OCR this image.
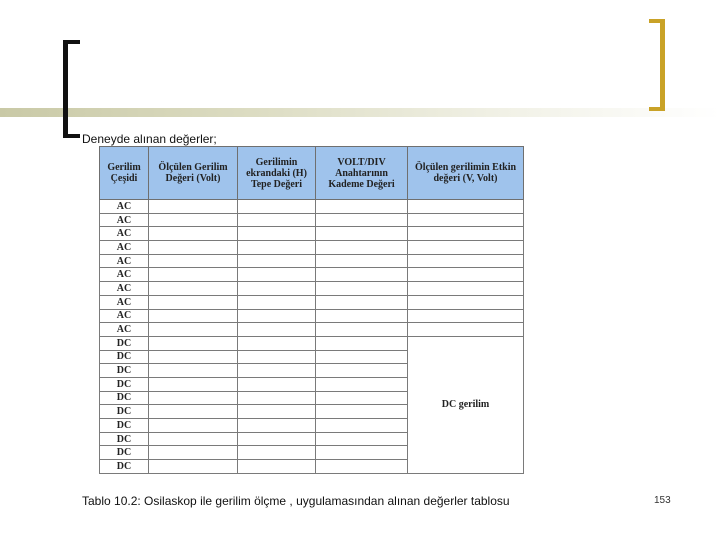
Deneyde alınan değerler;
Gerilim Çeşidi	Ölçülen Gerilim Değeri (Volt)	Gerilimin ekrandaki (H) Tepe Değeri	VOLT/DIV Anahtarının Kademe Değeri	Ölçülen gerilimin Etkin değeri (V, Volt)
AC				
AC				
AC				
AC				
AC				
AC				
AC				
AC				
AC				
AC				
DC				DC gerilim
DC				
DC				
DC				
DC				
DC				
DC				
DC				
DC				
DC				
Tablo 10.2: Osilaskop ile gerilim ölçme , uygulamasından alınan değerler tablosu	153
